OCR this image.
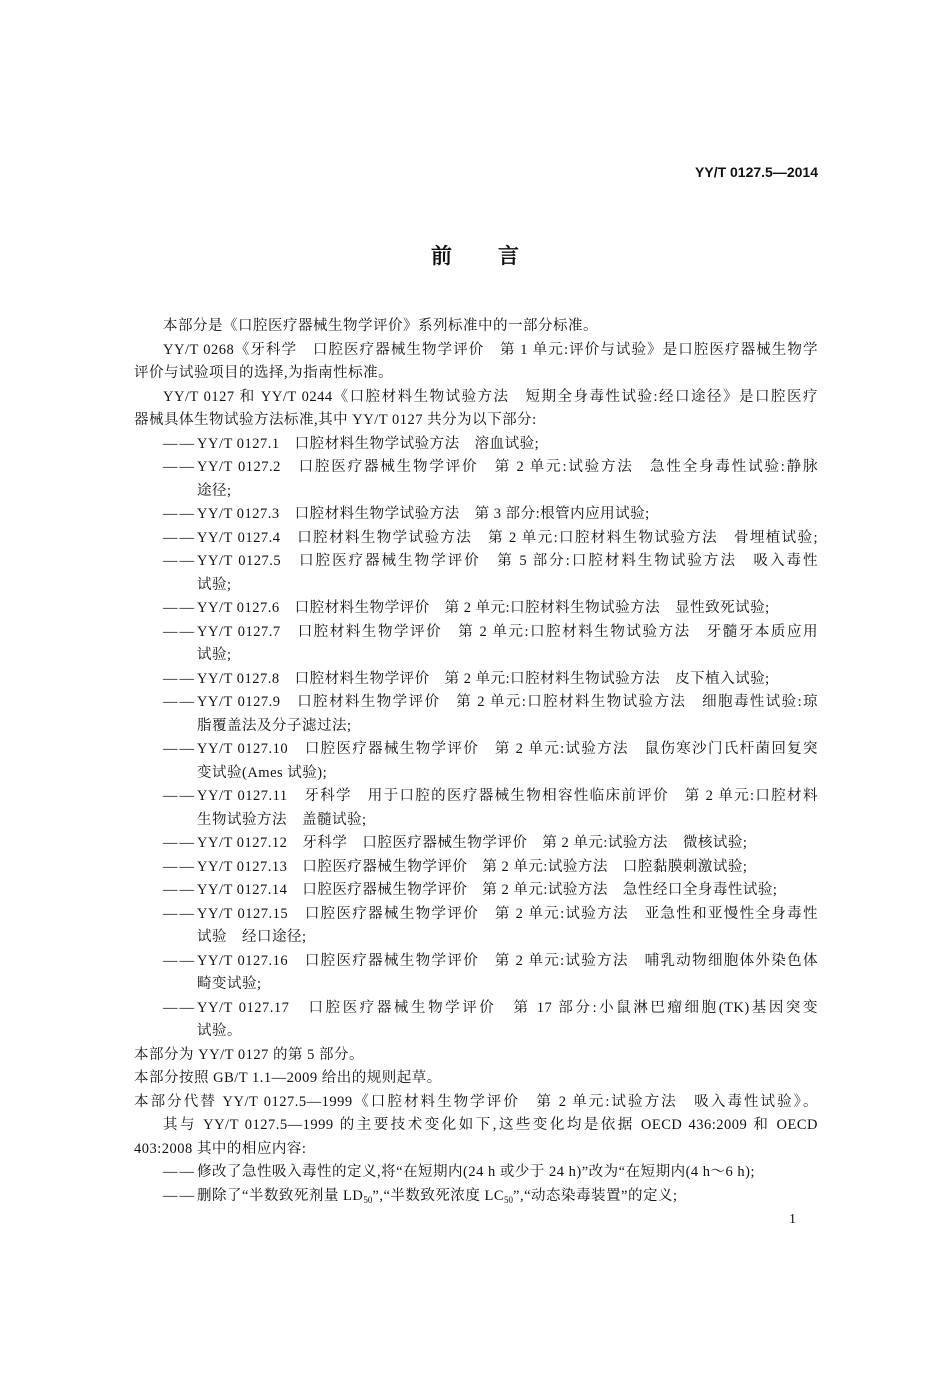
YY/T 0127.5—2014
前　言
本部分是《口腔医疗器械生物学评价》系列标准中的一部分标准。
YY/T 0268《牙科学　口腔医疗器械生物学评价　第 1 单元:评价与试验》是口腔医疗器械生物学
评价与试验项目的选择,为指南性标准。
YY/T 0127 和 YY/T 0244《口腔材料生物试验方法　短期全身毒性试验:经口途径》是口腔医疗
器械具体生物试验方法标准,其中 YY/T 0127 共分为以下部分:
—— YY/T 0127.1　口腔材料生物学试验方法　溶血试验;
—— YY/T 0127.2　口腔医疗器械生物学评价　第 2 单元:试验方法　急性全身毒性试验:静脉
途径;
—— YY/T 0127.3　口腔材料生物学试验方法　第 3 部分:根管内应用试验;
—— YY/T 0127.4　口腔材料生物学试验方法　第 2 单元:口腔材料生物试验方法　骨埋植试验;
—— YY/T 0127.5　口腔医疗器械生物学评价　第 5 部分:口腔材料生物试验方法　吸入毒性
试验;
—— YY/T 0127.6　口腔材料生物学评价　第 2 单元:口腔材料生物试验方法　显性致死试验;
—— YY/T 0127.7　口腔材料生物学评价　第 2 单元:口腔材料生物试验方法　牙髓牙本质应用
试验;
—— YY/T 0127.8　口腔材料生物学评价　第 2 单元:口腔材料生物试验方法　皮下植入试验;
—— YY/T 0127.9　口腔材料生物学评价　第 2 单元:口腔材料生物试验方法　细胞毒性试验:琼
脂覆盖法及分子滤过法;
—— YY/T 0127.10　口腔医疗器械生物学评价　第 2 单元:试验方法　鼠伤寒沙门氏杆菌回复突
变试验(Ames 试验);
—— YY/T 0127.11　牙科学　用于口腔的医疗器械生物相容性临床前评价　第 2 单元:口腔材料
生物试验方法　盖髓试验;
—— YY/T 0127.12　牙科学　口腔医疗器械生物学评价　第 2 单元:试验方法　微核试验;
—— YY/T 0127.13　口腔医疗器械生物学评价　第 2 单元:试验方法　口腔黏膜刺激试验;
—— YY/T 0127.14　口腔医疗器械生物学评价　第 2 单元:试验方法　急性经口全身毒性试验;
—— YY/T 0127.15　口腔医疗器械生物学评价　第 2 单元:试验方法　亚急性和亚慢性全身毒性
试验　经口途径;
—— YY/T 0127.16　口腔医疗器械生物学评价　第 2 单元:试验方法　哺乳动物细胞体外染色体
畸变试验;
—— YY/T 0127.17　口腔医疗器械生物学评价　第 17 部分:小鼠淋巴瘤细胞(TK)基因突变
试验。
本部分为 YY/T 0127 的第 5 部分。
本部分按照 GB/T 1.1—2009 给出的规则起草。
本部分代替 YY/T 0127.5—1999《口腔材料生物学评价　第 2 单元:试验方法　吸入毒性试验》。
其与 YY/T 0127.5—1999 的主要技术变化如下,这些变化均是依据 OECD 436:2009 和 OECD
403:2008 其中的相应内容:
—— 修改了急性吸入毒性的定义,将“在短期内(24 h 或少于 24 h)”改为“在短期内(4 h～6 h);
—— 删除了“半数致死剂量 $LD_{50}”,“$半数致死浓度 $LC_{50}”,“$动态染毒装置”的定义;
1
